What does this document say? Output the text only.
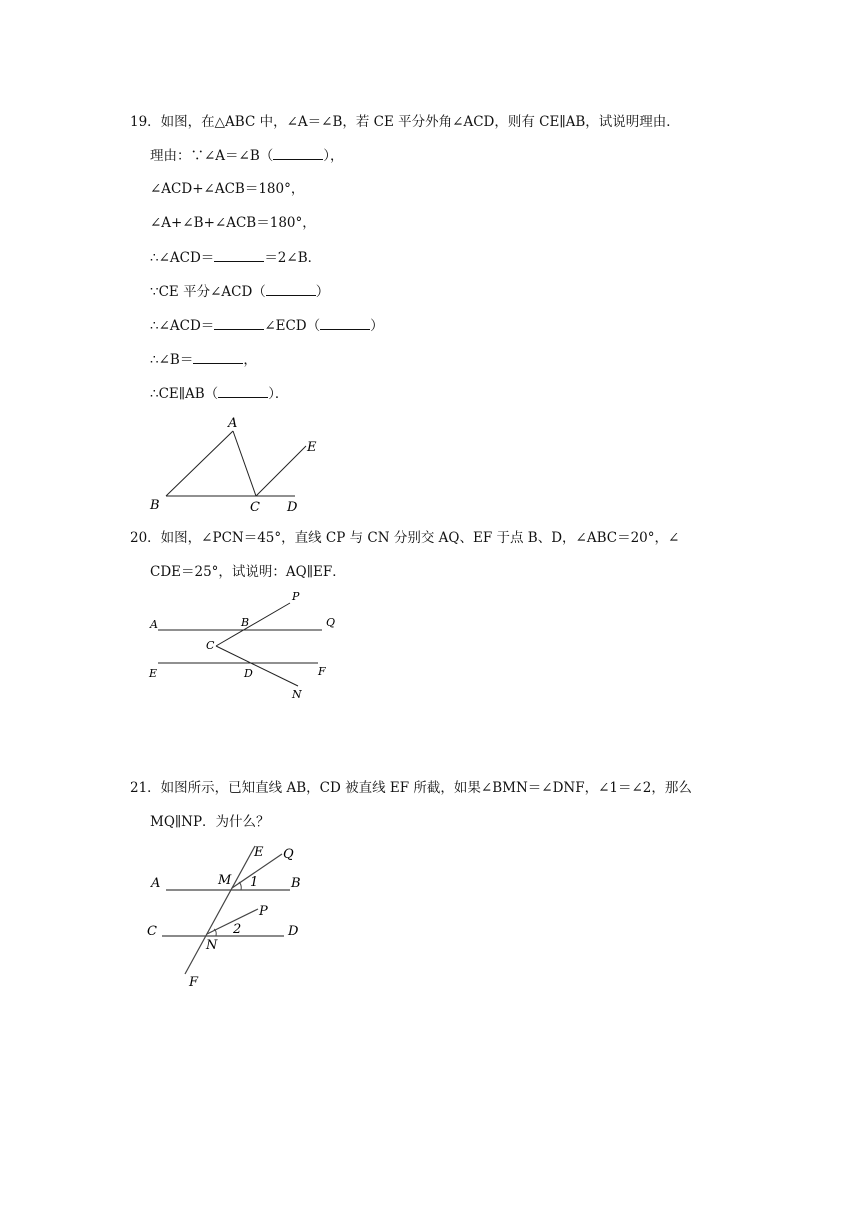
19．如图，在△ABC 中，∠A＝∠B，若 CE 平分外角∠ACD，则有 CE∥AB，试说明理由．
理由：∵∠A＝∠B（	），
∠ACD+∠ACB＝180°，
∠A+∠B+∠ACB＝180°，
∴∠ACD＝	＝2∠B．
∵CE 平分∠ACD（	）
∴∠ACD＝	∠ECD（	）
∴∠B＝	，
∴CE∥AB（	）．
A
B	C D
E
20．如图，∠PCN＝45°，直线 CP 与 CN 分别交 AQ、EF 于点 B、D，∠ABC＝20°，∠
CDE＝25°，试说明：AQ∥EF．
P
A	B	Q
C
E	D	F
N
21．如图所示，已知直线 AB，CD 被直线 EF 所截，如果∠BMN＝∠DNF，∠1＝∠2，那么
MQ∥NP．为什么？
E Q
A	M 1	B
P
C	2
N
D
F
